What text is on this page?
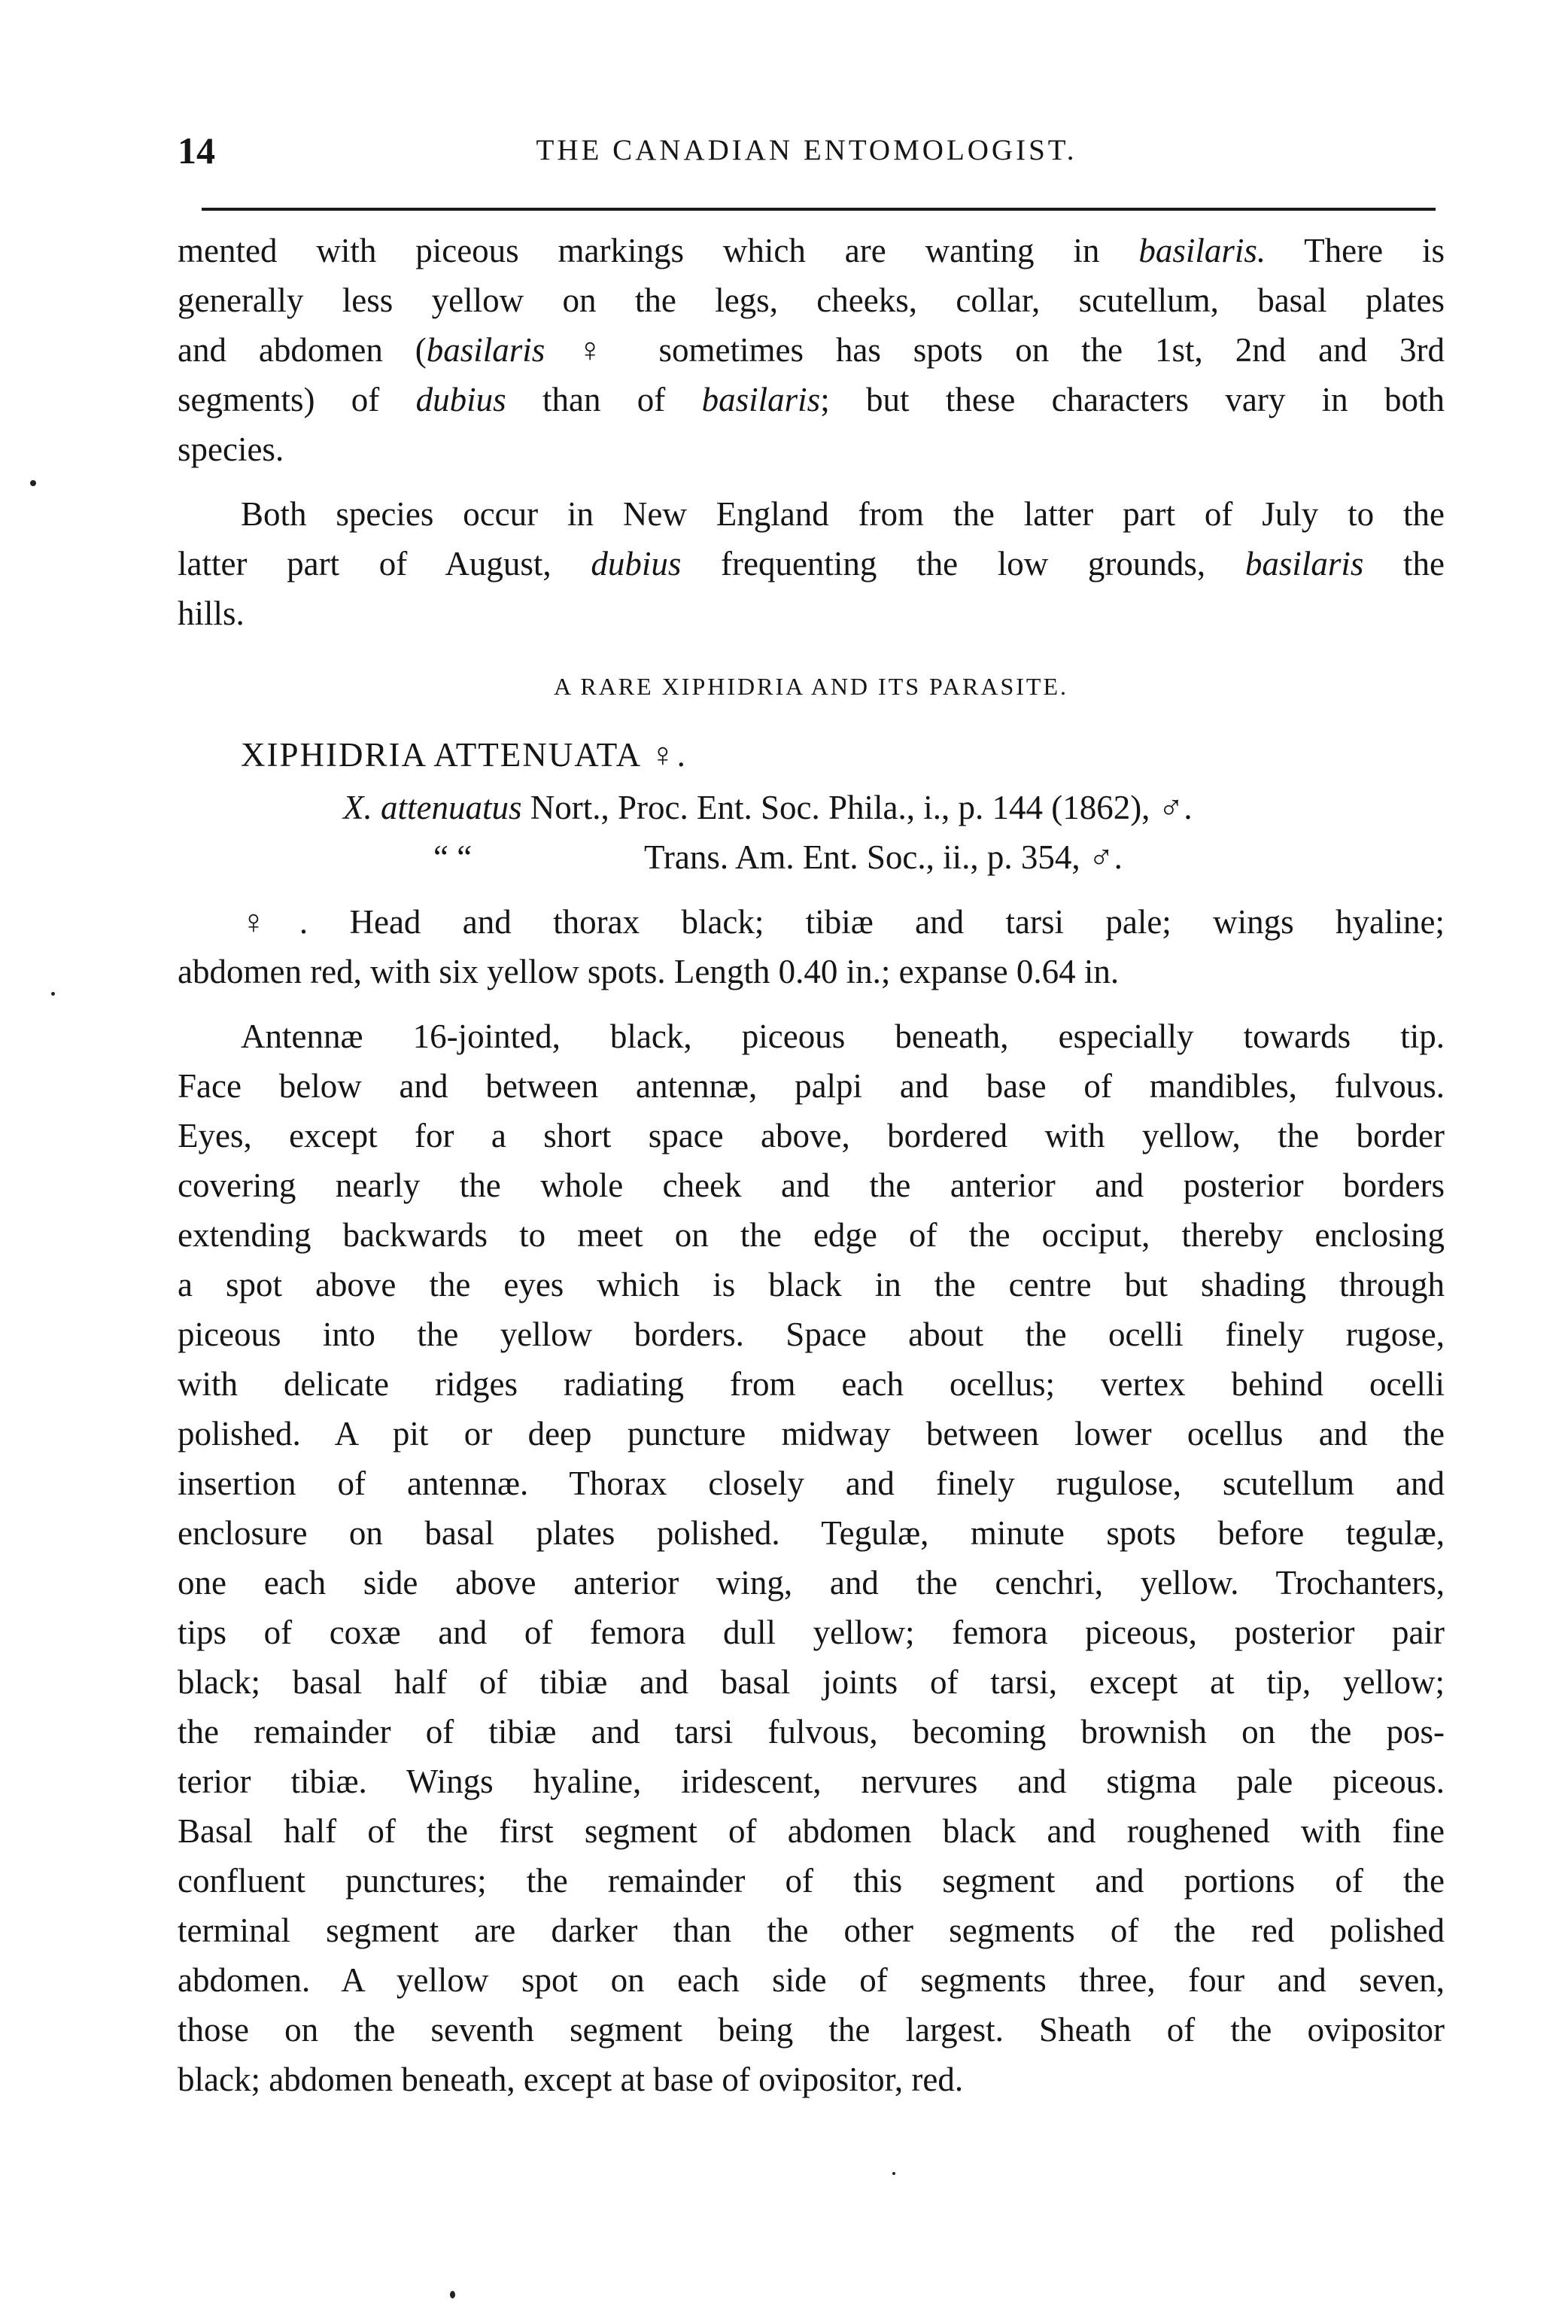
14	THE CANADIAN ENTOMOLOGIST.

mented with piceous markings which are wanting in basilaris. There is
generally less yellow on the legs, cheeks, collar, scutellum, basal plates
and abdomen (basilaris ♀ sometimes has spots on the 1st, 2nd and 3rd
segments) of dubius than of basilaris; but these characters vary in both
species.

Both species occur in New England from the latter part of July to the
latter part of August, dubius frequenting the low grounds, basilaris the
hills.

A RARE XIPHIDRIA AND ITS PARASITE.
XIPHIDRIA ATTENUATA ♀.
X. attenuatus Nort., Proc. Ent. Soc. Phila., i., p. 144 (1862), ♂.
“ “	Trans. Am. Ent. Soc., ii., p. 354, ♂.

♀. Head and thorax black; tibiæ and tarsi pale; wings hyaline;
abdomen red, with six yellow spots. Length 0.40 in.; expanse 0.64 in.

Antennæ 16-jointed, black, piceous beneath, especially towards tip.
Face below and between antennæ, palpi and base of mandibles, fulvous.
Eyes, except for a short space above, bordered with yellow, the border
covering nearly the whole cheek and the anterior and posterior borders
extending backwards to meet on the edge of the occiput, thereby enclosing
a spot above the eyes which is black in the centre but shading through
piceous into the yellow borders. Space about the ocelli finely rugose,
with delicate ridges radiating from each ocellus; vertex behind ocelli
polished. A pit or deep puncture midway between lower ocellus and the
insertion of antennæ. Thorax closely and finely rugulose, scutellum and
enclosure on basal plates polished. Tegulæ, minute spots before tegulæ,
one each side above anterior wing, and the cenchri, yellow. Trochanters,
tips of coxæ and of femora dull yellow; femora piceous, posterior pair
black; basal half of tibiæ and basal joints of tarsi, except at tip, yellow;
the remainder of tibiæ and tarsi fulvous, becoming brownish on the pos-
terior tibiæ. Wings hyaline, iridescent, nervures and stigma pale piceous.
Basal half of the first segment of abdomen black and roughened with fine
confluent punctures; the remainder of this segment and portions of the
terminal segment are darker than the other segments of the red polished
abdomen. A yellow spot on each side of segments three, four and seven,
those on the seventh segment being the largest. Sheath of the ovipositor
black; abdomen beneath, except at base of ovipositor, red.
